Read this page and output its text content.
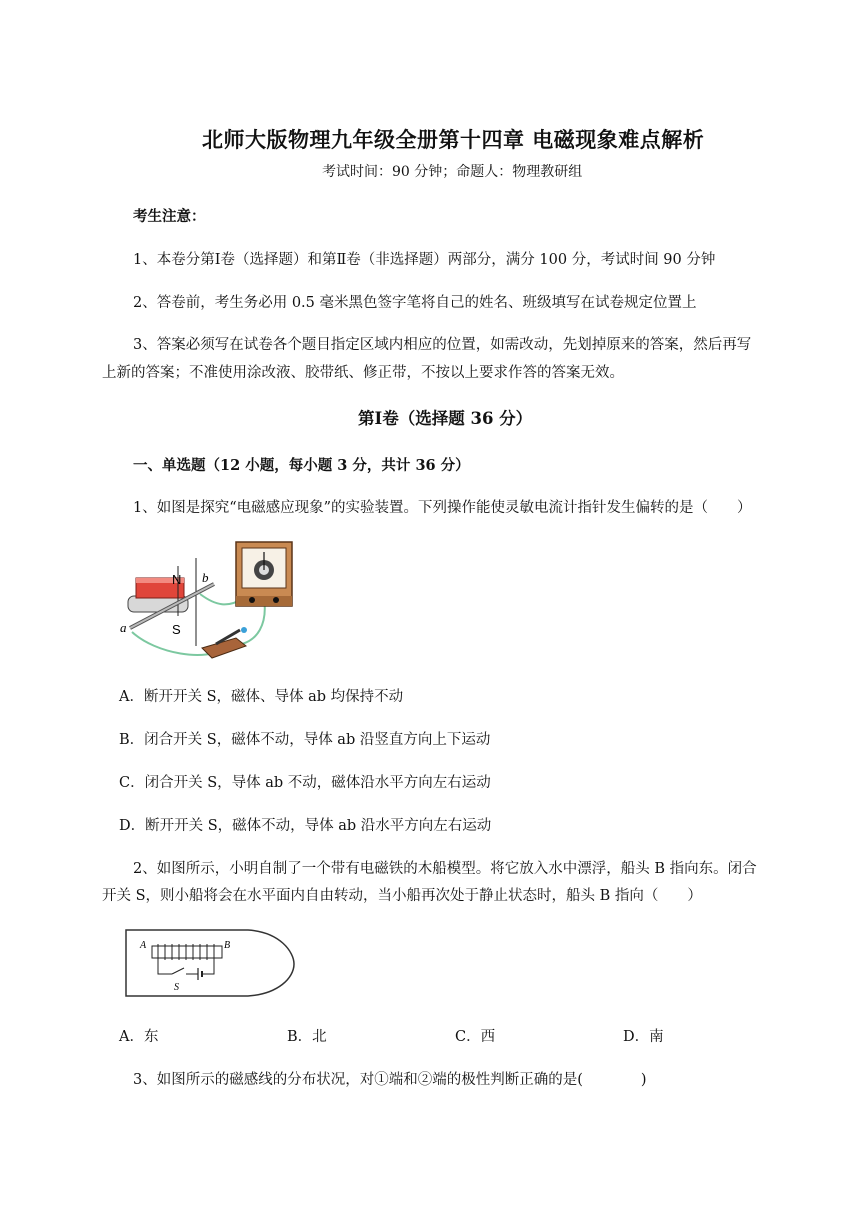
北师大版物理九年级全册第十四章 电磁现象难点解析
考试时间：90 分钟；命题人：物理教研组
考生注意：
1、本卷分第Ⅰ卷（选择题）和第Ⅱ卷（非选择题）两部分，满分 100 分，考试时间 90 分钟
2、答卷前，考生务必用 0.5 毫米黑色签字笔将自己的姓名、班级填写在试卷规定位置上
3、答案必须写在试卷各个题目指定区域内相应的位置，如需改动，先划掉原来的答案，然后再写
上新的答案；不准使用涂改液、胶带纸、修正带，不按以上要求作答的答案无效。
第Ⅰ卷（选择题 36 分）
一、单选题（12 小题，每小题 3 分，共计 36 分）
1、如图是探究“电磁感应现象”的实验装置。下列操作能使灵敏电流计指针发生偏转的是（　　）
N b
S
a
A．断开开关 S，磁体、导体 ab 均保持不动
B．闭合开关 S，磁体不动，导体 ab 沿竖直方向上下运动
C．闭合开关 S，导体 ab 不动，磁体沿水平方向左右运动
D．断开开关 S，磁体不动，导体 ab 沿水平方向左右运动
2、如图所示，小明自制了一个带有电磁铁的木船模型。将它放入水中漂浮，船头 B 指向东。闭合
开关 S，则小船将会在水平面内自由转动，当小船再次处于静止状态时，船头 B 指向（　　）
A	B
S
A．东	B．北	C．西	D．南
3、如图所示的磁感线的分布状况，对①端和②端的极性判断正确的是(　　　　)
